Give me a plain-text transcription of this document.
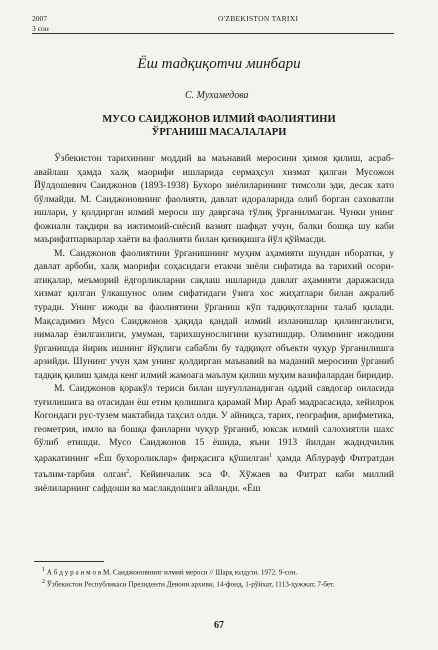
2007	O'ZBEKISTON TARIXI
3 сон
Ёш тадқиқотчи минбари
С. Мухамедова
МУСО САИДЖОНОВ ИЛМИЙ ФАОЛИЯТИНИ
ЎРГАНИШ МАСАЛАЛАРИ

Ўзбекистон тарихининг моддий ва маънавий меросини ҳимоя қилиш, асраб-авайлаш ҳамда халқ маорифи ишларида сермаҳсул хизмат қилган Мусожон Йўлдошевич Саиджонов (1893-1938) Бухоро зиёлиларининг тимсоли эди, десак хато бўлмайди. М. Саиджоновнинг фаолияти, давлат идораларида олиб борган саховатли ишлари, у қолдирган илмий мероси шу давргача тўлиқ ўрганилмаган. Чунки унинг фожиали тақдири ва ижтимоий-сиёсий вазият шафқат учун, балки бошқа шу каби маърифатпарварлар хаёти ва фаолияти билан қизиқишга йўл қўймасди.

М. Саиджонов фаолиятини ўрганишнинг муҳим аҳамияти шундан иборатки, у давлат арбоби, халқ маорифи соҳасидаги етакчи зиёли сифатида ва тарихий осори-атиқалар, меъморий ёдгорликларни сақлаш ишларида давлат аҳамияти даражасида хизмат қилган ўлкашунос олим сифатидаги ўзига хос жиҳатлари билан ажралиб туради. Унинг ижоди ва фаолиятини ўрганиш кўп тадқиқотларни талаб қилади. Мақсадимиз Мусо Саиджонов ҳақида қандай илмий изланишлар қилинганлиги, нималар ёзилганлиги, умуман, тарихшунослигини кузатишдир. Олимнинг ижодини ўрганишда йирик ишнинг йўқлиги сабабли бу тадқиқот объекти чуқур ўрганилишга арзийди. Шунинг учун ҳам унинг қолдирган маънавий ва маданий меросини ўрганиб тадқиқ қилиш ҳамда кенг илмий жамоага маълум қилиш муҳим вазифалардан биридир.

М. Саиджонов қоракўл териси билан шуғулланадиган оддий савдогар оиласида туғилишига ва отасидан ёш етим қолишига қарамай Мир Араб мадрасасида, хейилрок Когондаги рус-тузем мактабида таҳсил олди. У айниқса, тарих, география, арифметика, геометрия, имло ва бошқа фанларни чуқур ўрганиб, юксак илмий салохиятли шахс бўлиб етишди. Мусо Саиджонов 15 ёшида, яъни 1913 йилдан жадидчилик ҳаракатининг «Ёш бухороликлар» фирқасига қўшилган$^1$ ҳамда Аблурауф Фитратдан таълим-тарбия олган$^2$. Кейинчалик эса Ф. Хўжаев ва Фитрат каби миллий зиёлиларнинг сафдоши ва маслакдошига айланди. «Ёш

$^1$ А б д у р а и м о в М. Саиджоновнинг илмий мероси // Шарқ юлдузи. 1972. 9-сон.

$^2$ Ўзбекистон Республикаси Президенти Девони архиви, 14-фонд, 1-рўйхат, 1113-ҳужжат, 7-бет.

67
